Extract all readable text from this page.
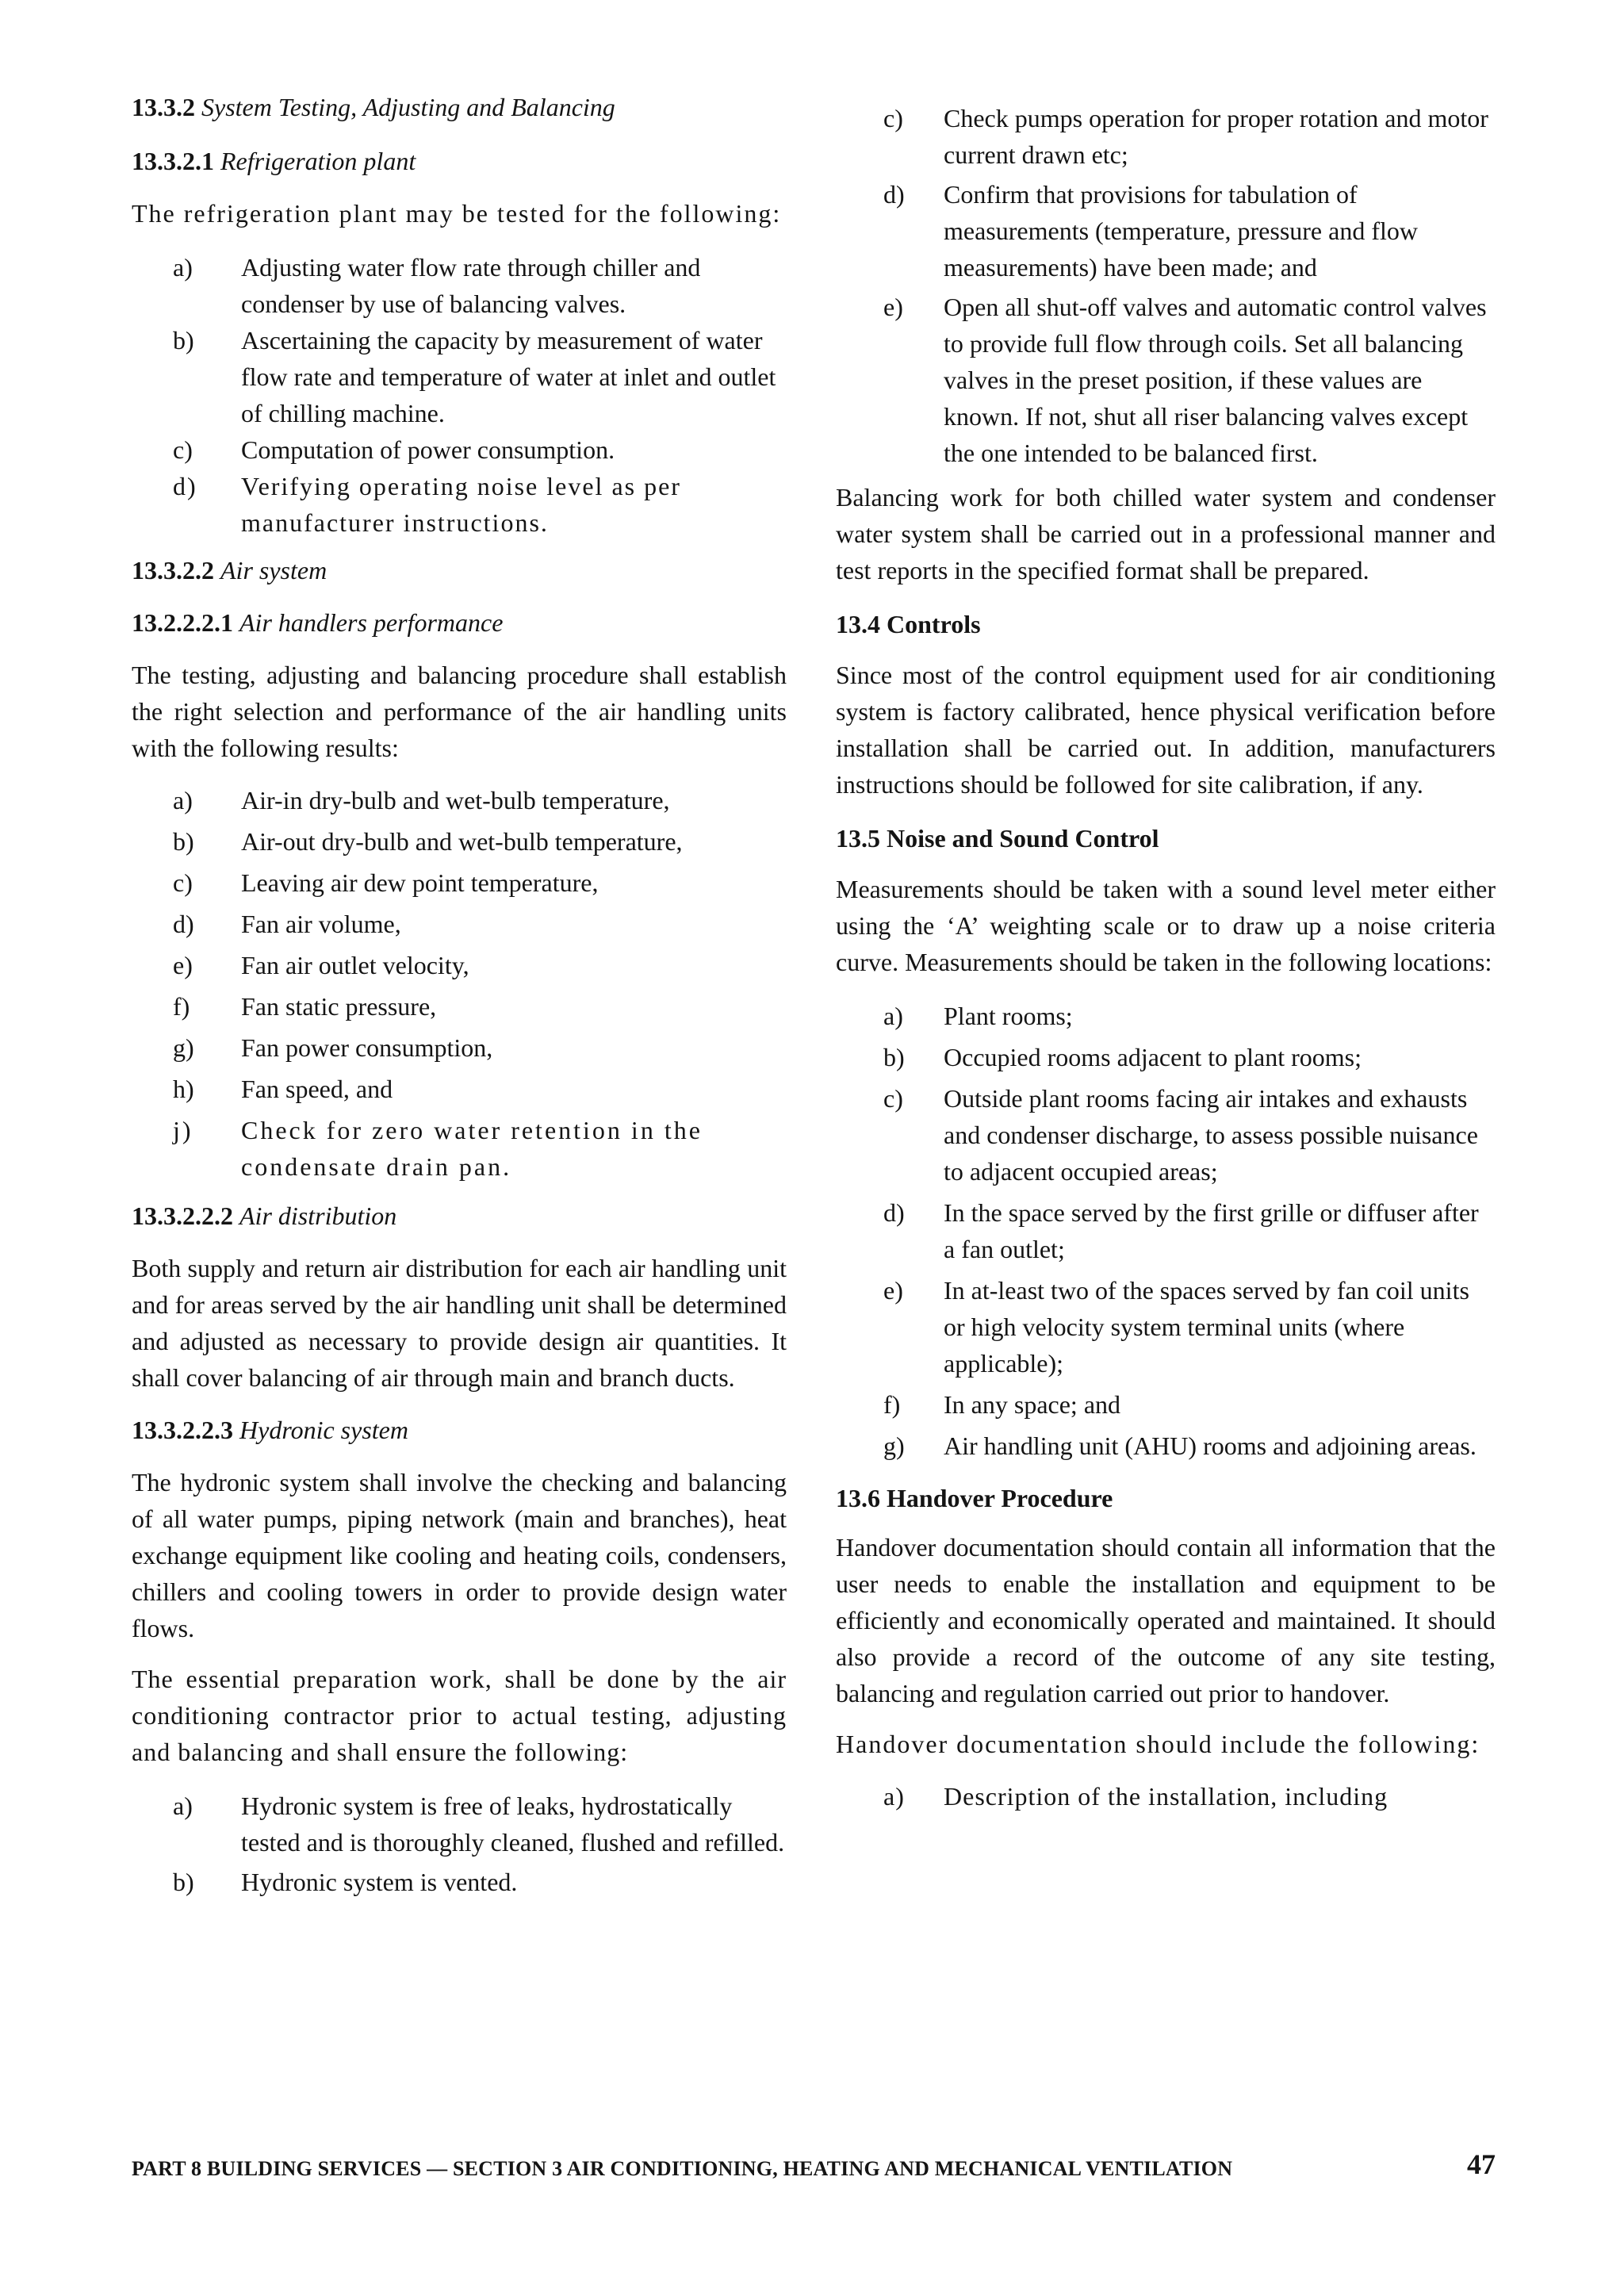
13.3.2 System Testing, Adjusting and Balancing
13.3.2.1 Refrigeration plant

The refrigeration plant may be tested for the following:

a) Adjusting water flow rate through chiller and condenser by use of balancing valves.
b) Ascertaining the capacity by measurement of water flow rate and temperature of water at inlet and outlet of chilling machine.
c) Computation of power consumption.
d) Verifying operating noise level as per manufacturer instructions.
13.3.2.2 Air system
13.2.2.2.1 Air handlers performance

The testing, adjusting and balancing procedure shall establish the right selection and performance of the air handling units with the following results:

a) Air-in dry-bulb and wet-bulb temperature,
b) Air-out dry-bulb and wet-bulb temperature,
c) Leaving air dew point temperature,
d) Fan air volume,
e) Fan air outlet velocity,
f) Fan static pressure,
g) Fan power consumption,
h) Fan speed, and
j) Check for zero water retention in the condensate drain pan.
13.3.2.2.2 Air distribution

Both supply and return air distribution for each air handling unit and for areas served by the air handling unit shall be determined and adjusted as necessary to provide design air quantities. It shall cover balancing of air through main and branch ducts.

13.3.2.2.3 Hydronic system

The hydronic system shall involve the checking and balancing of all water pumps, piping network (main and branches), heat exchange equipment like cooling and heating coils, condensers, chillers and cooling towers in order to provide design water flows.

The essential preparation work, shall be done by the air conditioning contractor prior to actual testing, adjusting and balancing and shall ensure the following:

a) Hydronic system is free of leaks, hydrostatically tested and is thoroughly cleaned, flushed and refilled.
b) Hydronic system is vented.
c) Check pumps operation for proper rotation and motor current drawn etc;
d) Confirm that provisions for tabulation of measurements (temperature, pressure and flow measurements) have been made; and
e) Open all shut-off valves and automatic control valves to provide full flow through coils. Set all balancing valves in the preset position, if these values are known. If not, shut all riser balancing valves except the one intended to be balanced first.

Balancing work for both chilled water system and condenser water system shall be carried out in a professional manner and test reports in the specified format shall be prepared.

13.4 Controls

Since most of the control equipment used for air conditioning system is factory calibrated, hence physical verification before installation shall be carried out. In addition, manufacturers instructions should be followed for site calibration, if any.

13.5 Noise and Sound Control

Measurements should be taken with a sound level meter either using the ‘A’ weighting scale or to draw up a noise criteria curve. Measurements should be taken in the following locations:

a) Plant rooms;
b) Occupied rooms adjacent to plant rooms;
c) Outside plant rooms facing air intakes and exhausts and condenser discharge, to assess possible nuisance to adjacent occupied areas;
d) In the space served by the first grille or diffuser after a fan outlet;
e) In at-least two of the spaces served by fan coil units or high velocity system terminal units (where applicable);
f) In any space; and
g) Air handling unit (AHU) rooms and adjoining areas.
13.6 Handover Procedure

Handover documentation should contain all information that the user needs to enable the installation and equipment to be efficiently and economically operated and maintained. It should also provide a record of the outcome of any site testing, balancing and regulation carried out prior to handover.

Handover documentation should include the following:

a) Description of the installation, including
PART 8 BUILDING SERVICES — SECTION 3 AIR CONDITIONING, HEATING AND MECHANICAL VENTILATION	47
